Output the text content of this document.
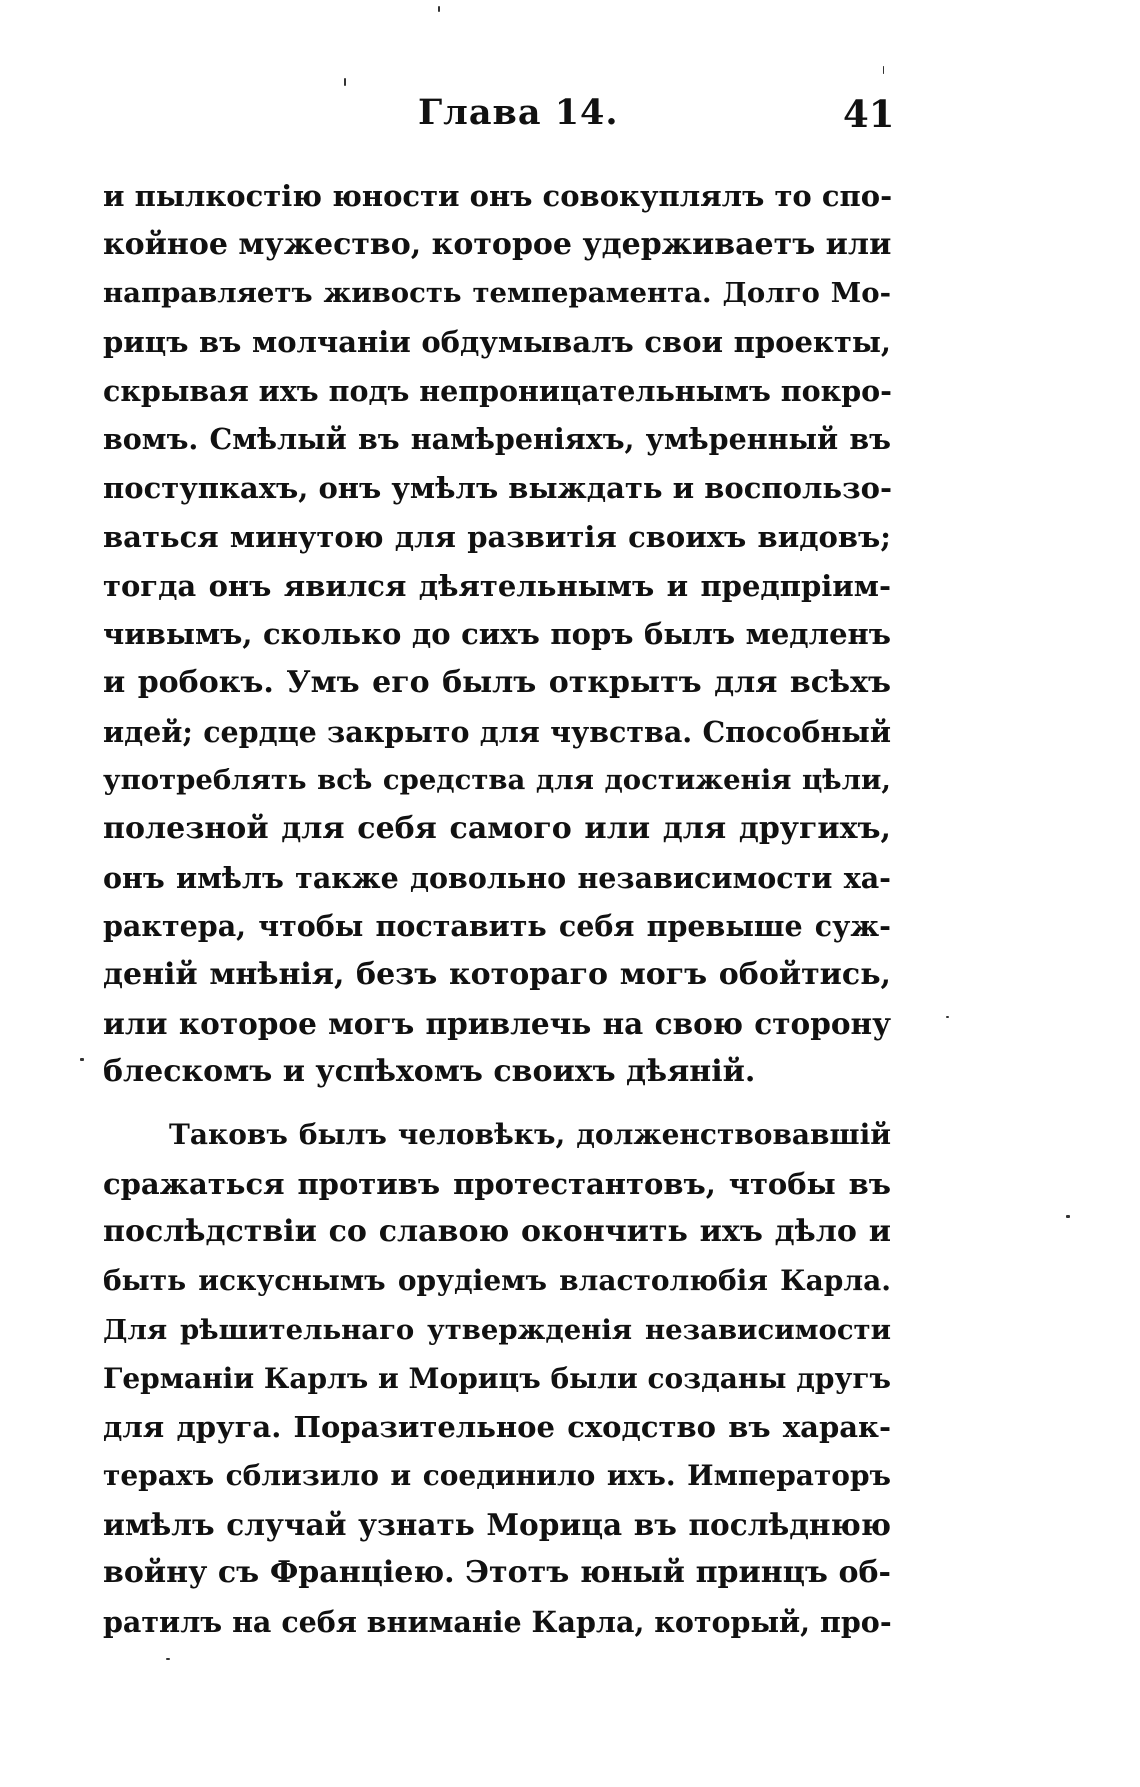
Глава 14.	41
и пылкостію юности онъ совокуплялъ то спо-
койное мужество, которое удерживаетъ или
направляетъ живость темперамента. Долго Мо-
рицъ въ молчаніи обдумывалъ свои проекты,
скрывая ихъ подъ непроницательнымъ покро-
вомъ. Смѣлый въ намѣреніяхъ, умѣренный въ
поступкахъ, онъ умѣлъ выждать и воспользо-
ваться минутою для развитія своихъ видовъ;
тогда онъ явился дѣятельнымъ и предпріим-
чивымъ, сколько до сихъ поръ былъ медленъ
и робокъ. Умъ его былъ открытъ для всѣхъ
идей; сердце закрыто для чувства. Способный
употреблять всѣ средства для достиженія цѣли,
полезной для себя самого или для другихъ,
онъ имѣлъ также довольно независимости ха-
рактера, чтобы поставить себя превыше суж-
деній мнѣнія, безъ котораго могъ обойтись,
или которое могъ привлечь на свою сторону
блескомъ и успѣхомъ своихъ дѣяній.
Таковъ былъ человѣкъ, долженствовавшій
сражаться противъ протестантовъ, чтобы въ
послѣдствіи со славою окончить ихъ дѣло и
быть искуснымъ орудіемъ властолюбія Карла.
Для рѣшительнаго утвержденія независимости
Германіи Карлъ и Морицъ были созданы другъ
для друга. Поразительное сходство въ харак-
терахъ сблизило и соединило ихъ. Императоръ
имѣлъ случай узнать Морица въ послѣднюю
войну съ Франціею. Этотъ юный принцъ об-
ратилъ на себя вниманіе Карла, который, про-
